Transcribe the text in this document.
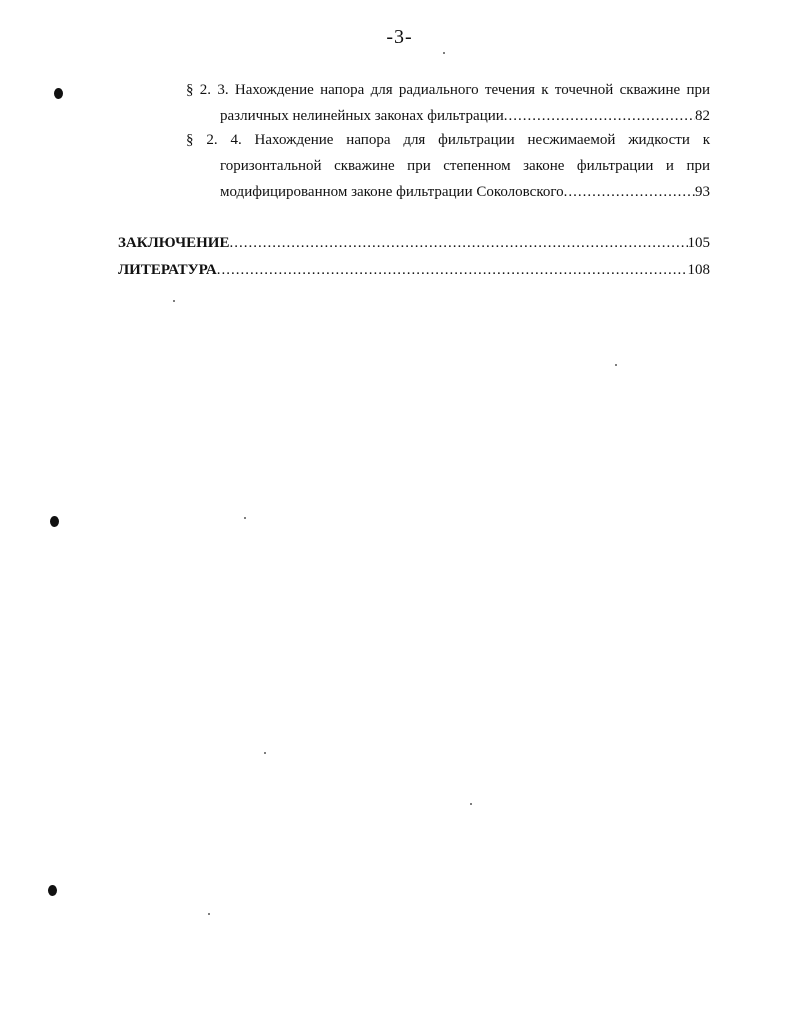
-3-
§ 2. 3. Нахождение напора для радиального течения к точечной скважине при
различных нелинейных законах фильтрации .....	82
§ 2. 4. Нахождение напора для фильтрации несжимаемой жидкости к
горизонтальной скважине при степенном законе фильтрации и при
модифицированном законе фильтрации Соколовского .....	93
ЗАКЛЮЧЕНИЕ .....	105
ЛИТЕРАТУРА .....	108
